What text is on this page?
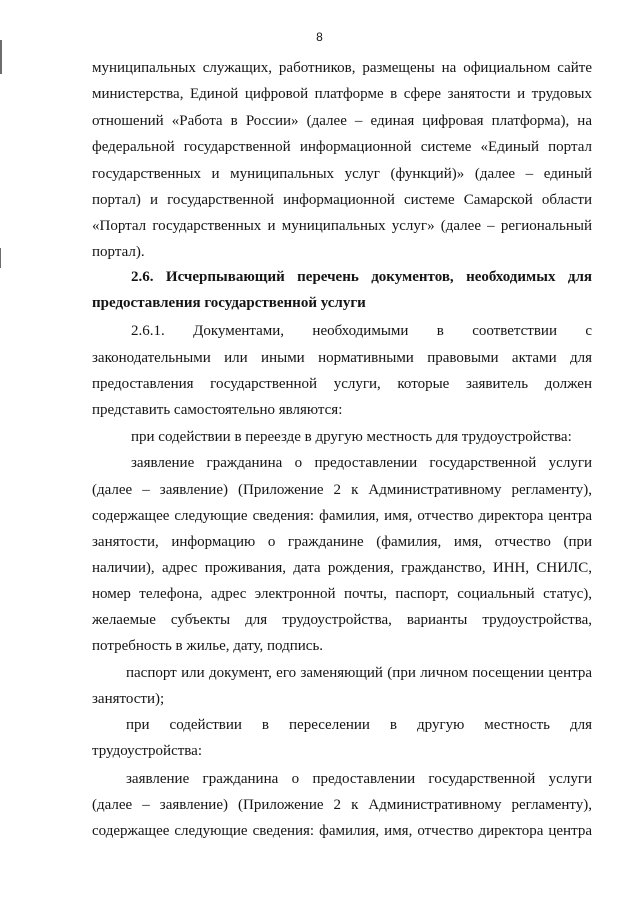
8
муниципальных служащих, работников, размещены на официальном сайте
министерства, Единой цифровой платформе в сфере занятости и трудовых
отношений «Работа в России» (далее – единая цифровая платформа), на
федеральной государственной информационной системе «Единый портал
государственных и муниципальных услуг (функций)» (далее – единый
портал) и государственной информационной системе Самарской области
«Портал государственных и муниципальных услуг» (далее – региональный
портал).
2.6. Исчерпывающий перечень документов, необходимых для
предоставления государственной услуги
2.6.1. Документами, необходимыми в соответствии с
законодательными или иными нормативными правовыми актами для
предоставления государственной услуги, которые заявитель должен
представить самостоятельно являются:
при содействии в переезде в другую местность для трудоустройства:
заявление гражданина о предоставлении государственной услуги
(далее – заявление) (Приложение 2 к Административному регламенту),
содержащее следующие сведения: фамилия, имя, отчество директора центра
занятости, информацию о гражданине (фамилия, имя, отчество (при
наличии), адрес проживания, дата рождения, гражданство, ИНН, СНИЛС,
номер телефона, адрес электронной почты, паспорт, социальный статус),
желаемые субъекты для трудоустройства, варианты трудоустройства,
потребность в жилье, дату, подпись.
паспорт или документ, его заменяющий (при личном посещении центра
занятости);
при содействии в переселении в другую местность для
трудоустройства:
заявление гражданина о предоставлении государственной услуги
(далее – заявление) (Приложение 2 к Административному регламенту),
содержащее следующие сведения: фамилия, имя, отчество директора центра
